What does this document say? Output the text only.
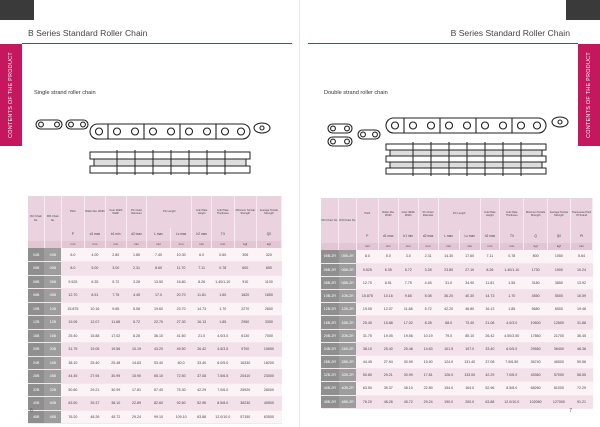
B Series Standard Roller Chain
CONTENTS OF THE PRODUCT	Single strand roller chain
ISO Chain No.	DIN Chain No.	Pitch	Roller Dia. Width	Inner Width Width	Pin Outer Diameter	Pin Length		Link Plate Height	Link Plate Thickness	Minimum Tensile Strength	Average Tensile Strength
		P	d1 max	b1 min	d2 max	L max	Lc max	h2 max	T/t		Q0
		mm	mm	mm	mm	mm	mm	mm	mm	kgf	kgf
04B	04B	6.0	4.00	2.80	1.85	7.40	10.30	6.0	0.60	306	320
05B	05B	8.0	5.00	3.00	2.31	8.60	11.70	7.11	0.78	600	650
06B	06B	9.525	6.35	5.72	3.28	13.50	16.80	8.26	1.40/1.10	910	1100
08B	08B	12.70	8.51	7.75	4.45	17.0	20.70	11.81	1.60	1620	1850
10B	10B	15.875	10.16	9.65	5.08	19.60	23.70	14.73	1.70	2270	2600
12B	12B	19.05	12.07	11.68	5.72	22.70	27.30	16.13	1.85	2950	3300
16B	16B	25.40	15.88	17.02	8.28	36.10	41.60	21.0	4.0/3.0	6130	7000
20B	20B	31.75	19.05	19.56	10.19	43.20	49.50	26.42	4.5/3.5	9700	10650
24B	24B	38.10	25.40	25.48	14.63	53.40	60.0	33.40	6.0/5.0	16330	18200
28B	28B	44.45	27.94	30.99	15.90	65.10	72.50	37.08	7.5/6.5	20410	23000
32B	32B	50.80	29.21	30.99	17.81	67.40	75.30	42.29	7.0/6.0	25920	28000
40B	40B	63.50	39.37	38.10	22.89	82.60	92.60	52.96	8.5/8.0	36230	40500
48B	48B	76.20	48.26	45.72	29.24	99.10	109.10	63.88	12.0/10.0	57150	63500
6
B Series Standard Roller Chain
CONTENTS OF THE PRODUCT
Double strand roller chain
ISO Chain No.	DIN Chain No.	Pitch	Roller Dia. Width	Inner Width Width	Pin Outer Diameter	Pin Length		Link Plate Height	Link Plate Thickness	Minimum Tensile Strength	Average Tensile Strength	Transverse Pitch Of Strand
		P	d1 max	b1 min	d2 max	L max	Lc max	h2 max	T/t	Q	Q0	Pt
		mm	mm	mm	mm	mm	mm	mm	mm	kgf	kgf	mm
05B-2R	05B-2R	8.0	5.0	3.0	2.31	14.30	17.60	7.11	0.78	800	1050	5.64
06B-2R	06B-2R	9.525	6.35	5.72	3.28	23.80	27.10	8.26	1.40/1.10	1730	1900	10.24
08B-2R	08B-2R	12.70	8.51	7.75	4.45	31.0	34.90	11.81	1.55	3180	3850	13.92
10B-2R	10B-2R	15.875	10.16	9.65	5.08	36.20	40.30	14.73	1.70	4550	5500	16.59
12B-2R	12B-2R	19.05	12.07	11.68	5.72	42.20	46.80	16.13	1.85	5680	6500	19.46
16B-2R	16B-2R	25.40	15.88	17.02	8.28	68.0	73.40	21.08	4.0/3.0	10600	12600	31.88
20B-2R	20B-2R	31.75	19.05	19.56	10.19	79.0	85.10	26.42	4.50/3.50	17860	21700	36.45
24B-2R	24B-2R	38.10	25.40	25.48	14.63	101.5	107.0	33.40	6.0/5.0	29560	36400	48.36
28B-2R	28B-2R	44.45	27.94	30.99	15.90	124.0	131.40	37.08	7.5/6.50	36740	46500	59.56
32B-2R	32B-2R	50.80	29.21	30.99	17.81	126.0	133.00	42.29	7.0/6.0	45360	57000	58.55
40B-2R	40B-2R	63.50	39.37	38.10	22.89	154.0	164.0	52.96	8.5/8.0	68260	81000	72.29
48B-2R	48B-2R	76.20	48.26	45.72	29.24	190.0	200.0	63.88	12.0/10.0	102060	127000	91.21
7
